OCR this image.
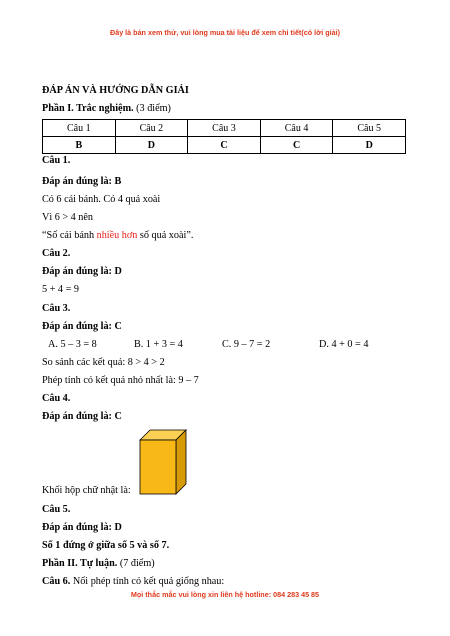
Đây là bản xem thử, vui lòng mua tài liệu để xem chi tiết(có lời giải)
ĐÁP ÁN VÀ HƯỚNG DẪN GIẢI
Phần I. Trắc nghiệm. (3 điểm)
Câu 1	Câu 2	Câu 3	Câu 4	Câu 5
B	D	C	C	D
Câu 1.
Đáp án đúng là: B
Có 6 cái bánh. Có 4 quả xoài
Vì 6 > 4 nên
“Số cái bánh nhiều hơn số quả xoài”.
Câu 2.
Đáp án đúng là: D
5 + 4 = 9
Câu 3.
Đáp án đúng là: C
A. 5 – 3 = 8	B. 1 + 3 = 4	C. 9 – 7 = 2	D. 4 + 0 = 4
So sánh các kết quả: 8 > 4 > 2
Phép tính có kết quả nhỏ nhất là: 9 – 7
Câu 4.
Đáp án đúng là: C
Khối hộp chữ nhật là:
Câu 5.
Đáp án đúng là: D
Số 1 đứng ở giữa số 5 và số 7.
Phần II. Tự luận. (7 điểm)
Câu 6. Nối phép tính có kết quả giống nhau:
Mọi thắc mắc vui lòng xin liên hệ hotline: 084 283 45 85
